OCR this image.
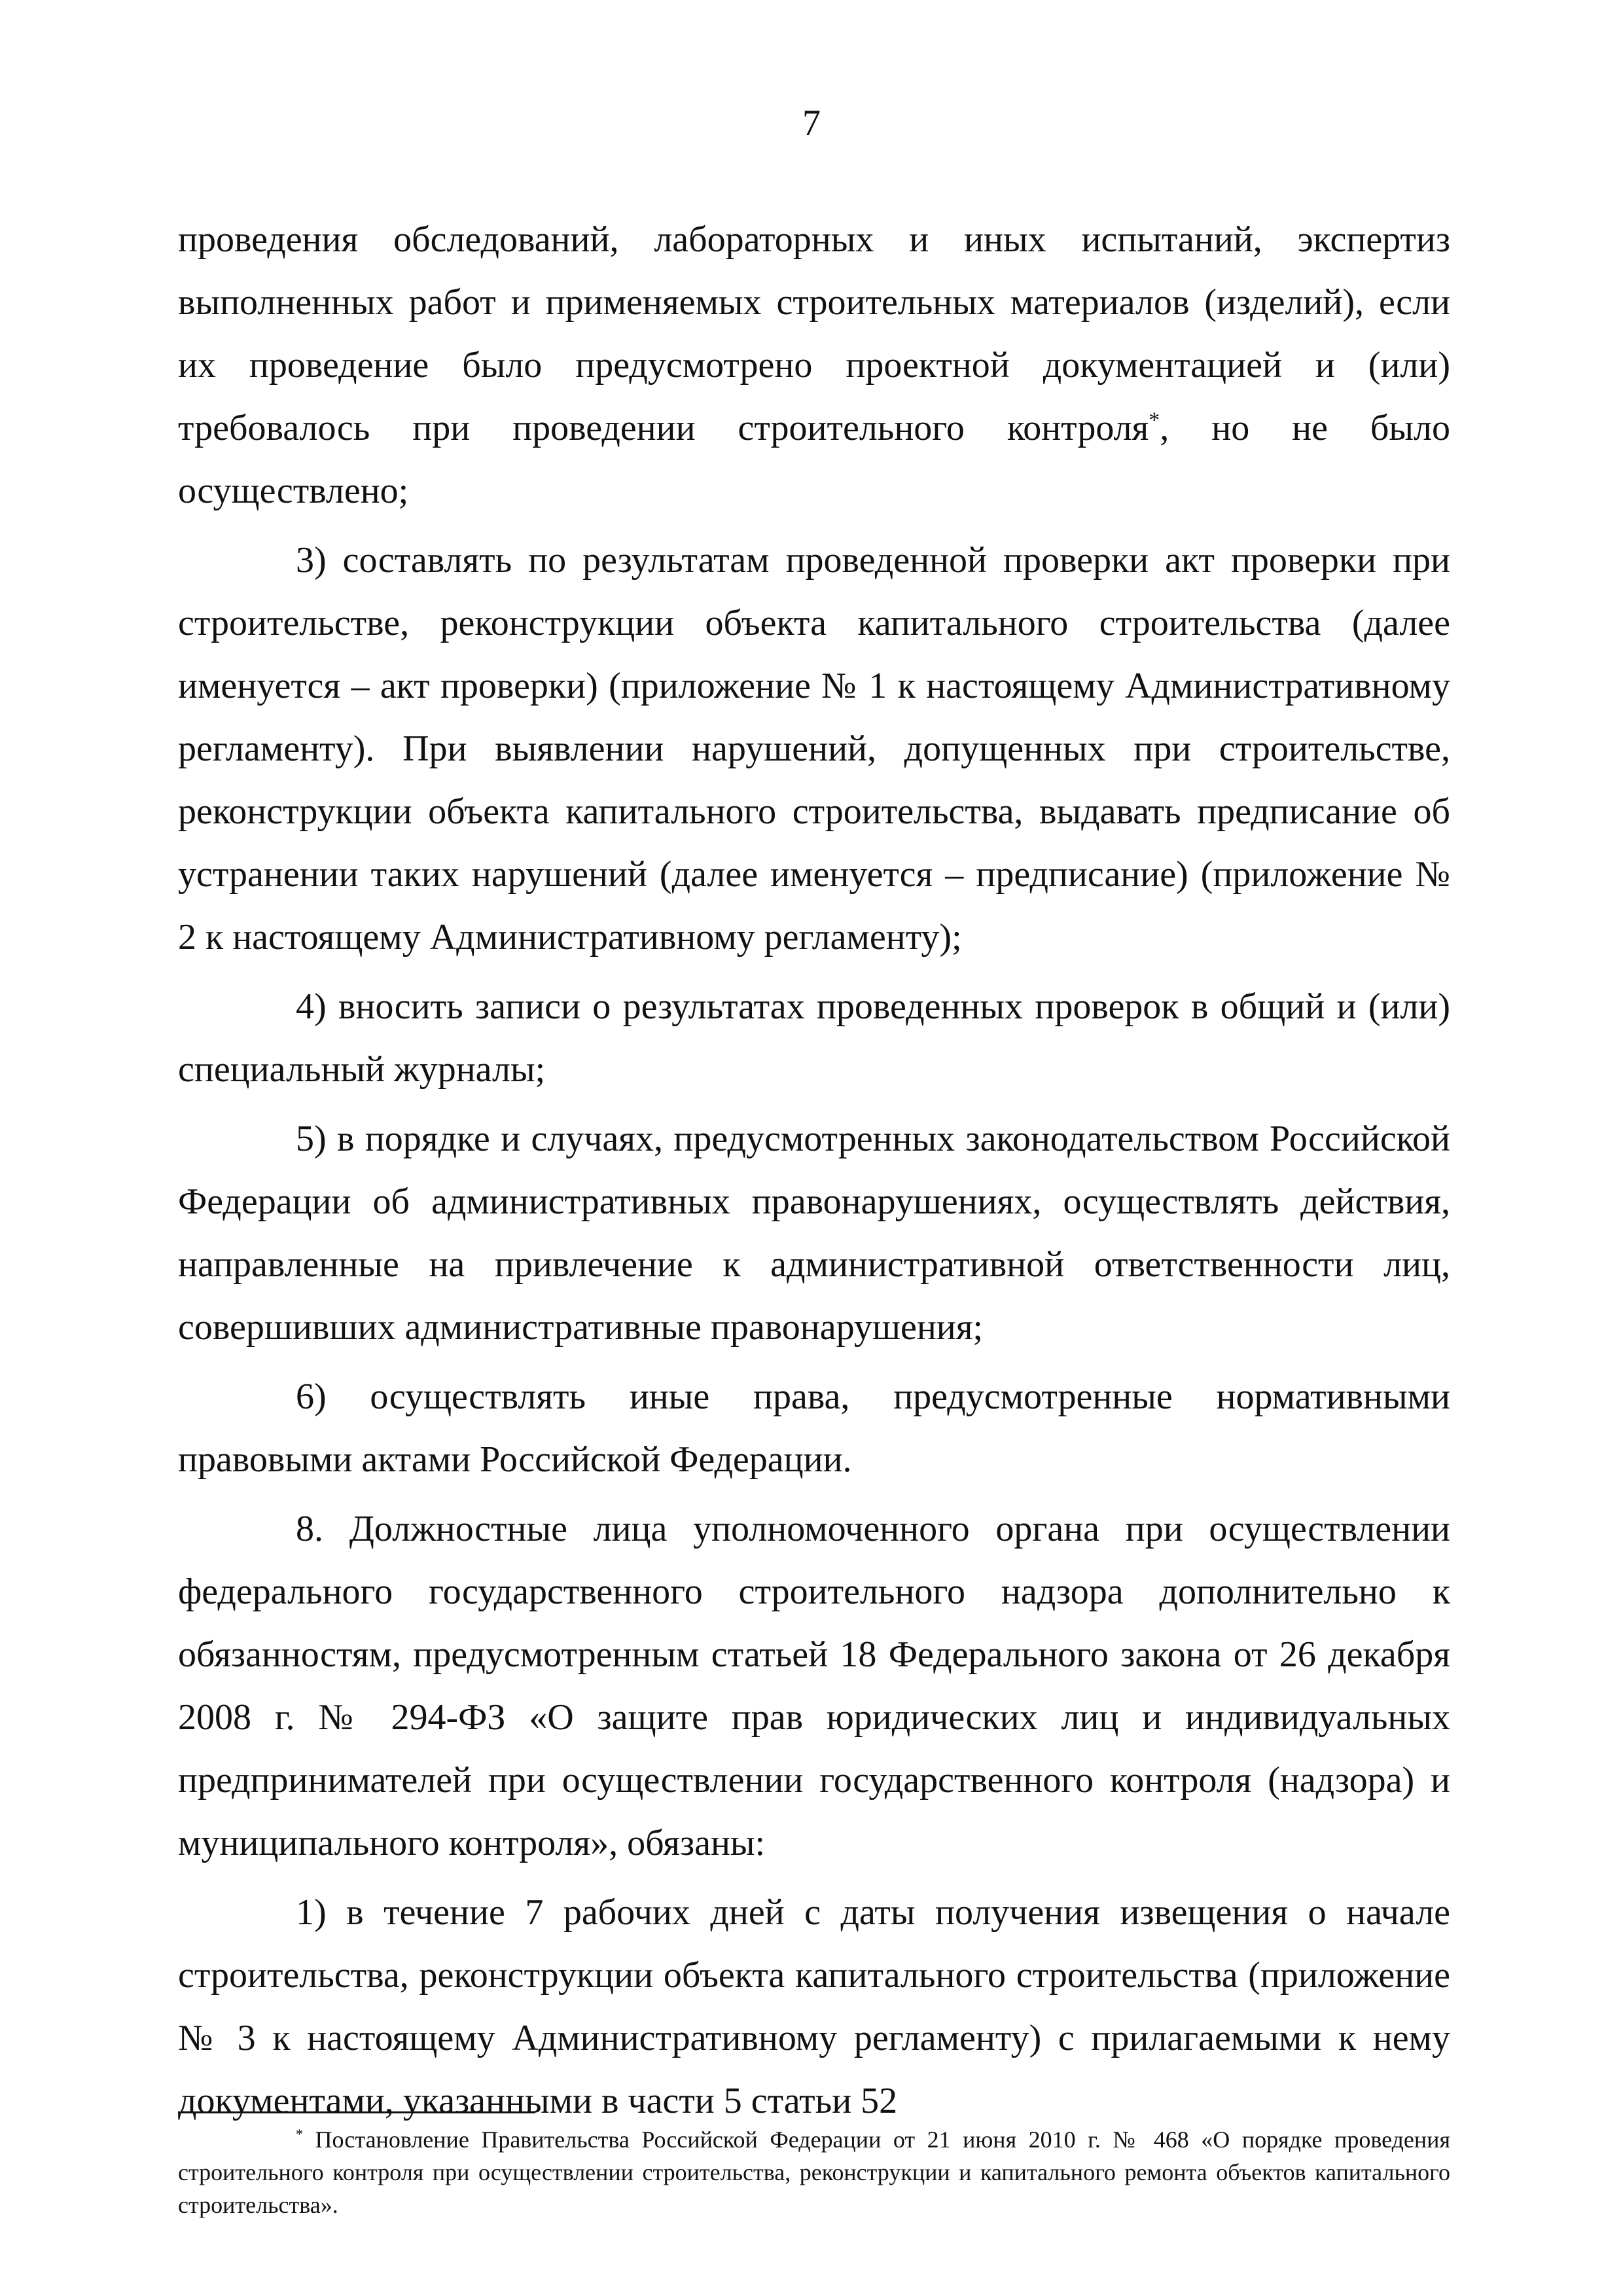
7

проведения обследований, лабораторных и иных испытаний, экспертиз выполненных работ и применяемых строительных материалов (изделий), если их проведение было предусмотрено проектной документацией и (или) требовалось при проведении строительного контроля*, но не было осуществлено;

3) составлять по результатам проведенной проверки акт проверки при строительстве, реконструкции объекта капитального строительства (далее именуется – акт проверки) (приложение № 1 к настоящему Административному регламенту). При выявлении нарушений, допущенных при строительстве, реконструкции объекта капитального строительства, выдавать предписание об устранении таких нарушений (далее именуется – предписание) (приложение № 2 к настоящему Административному регламенту);

4) вносить записи о результатах проведенных проверок в общий и (или) специальный журналы;

5) в порядке и случаях, предусмотренных законодательством Российской Федерации об административных правонарушениях, осуществлять действия, направленные на привлечение к административной ответственности лиц, совершивших административные правонарушения;

6) осуществлять иные права, предусмотренные нормативными правовыми актами Российской Федерации.

8. Должностные лица уполномоченного органа при осуществлении федерального государственного строительного надзора дополнительно к обязанностям, предусмотренным статьей 18 Федерального закона от 26 декабря 2008 г. № 294-ФЗ «О защите прав юридических лиц и индивидуальных предпринимателей при осуществлении государственного контроля (надзора) и муниципального контроля», обязаны:

1) в течение 7 рабочих дней с даты получения извещения о начале строительства, реконструкции объекта капитального строительства (приложение № 3 к настоящему Административному регламенту) с прилагаемыми к нему документами, указанными в части 5 статьи 52

* Постановление Правительства Российской Федерации от 21 июня 2010 г. № 468 «О порядке проведения строительного контроля при осуществлении строительства, реконструкции и капитального ремонта объектов капитального строительства».
